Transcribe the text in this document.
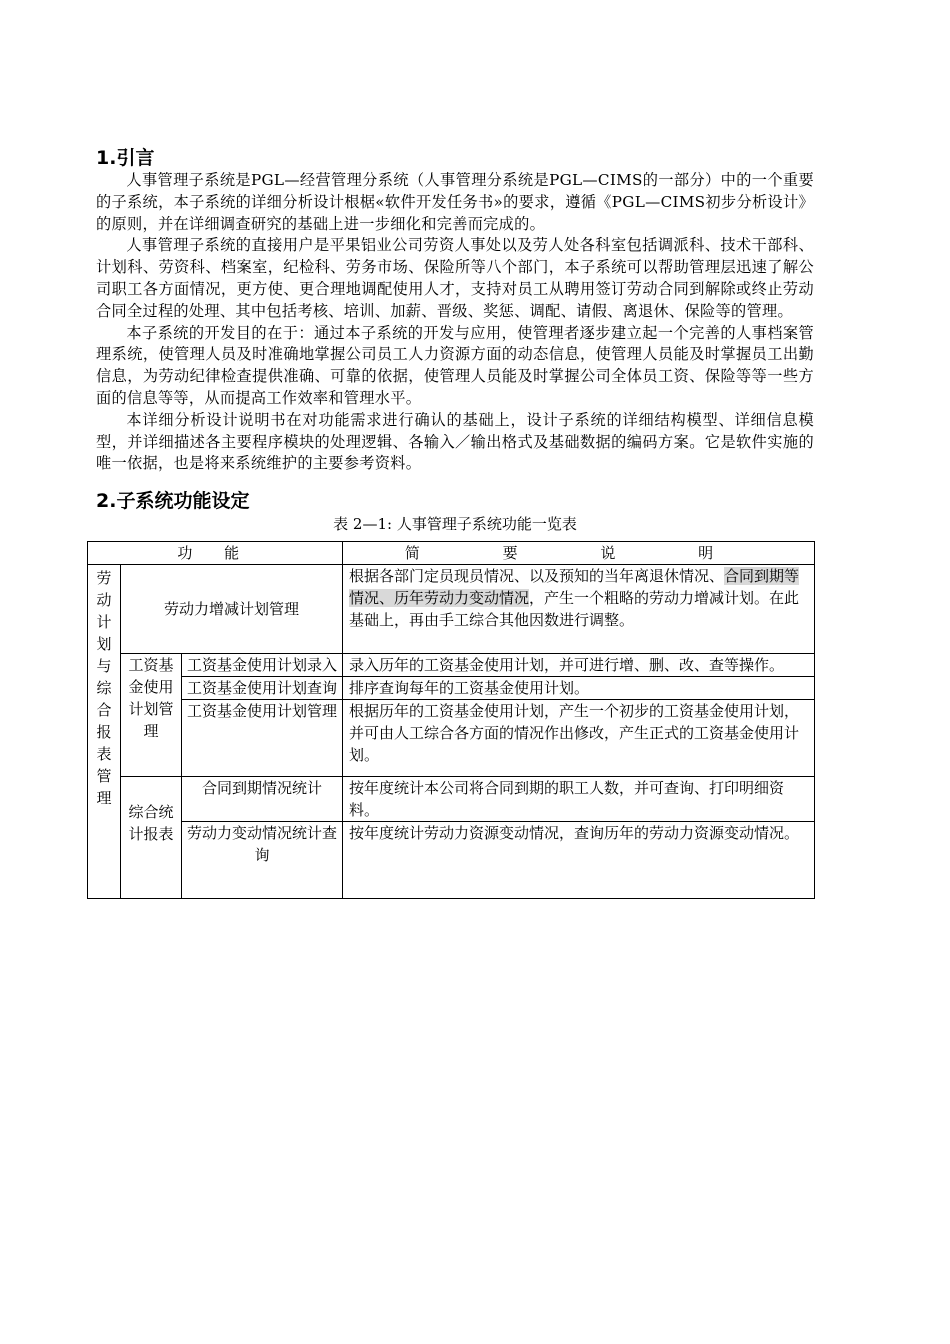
1.引言

人事管理子系统是PGL—经营管理分系统（人事管理分系统是PGL—CIMS的一部分）中的一个重要的子系统，本子系统的详细分析设计根椐«软件开发任务书»的要求，遵循《PGL—CIMS初步分析设计》的原则，并在详细调查研究的基础上进一步细化和完善而完成的。

人事管理子系统的直接用户是平果铝业公司劳资人事处以及劳人处各科室包括调派科、技术干部科、计划科、劳资科、档案室，纪检科、劳务市场、保险所等八个部门，本子系统可以帮助管理层迅速了解公司职工各方面情况，更方使、更合理地调配使用人才，支持对员工从聘用签订劳动合同到解除或终止劳动合同全过程的处理、其中包括考核、培训、加薪、晋级、奖惩、调配、请假、离退休、保险等的管理。

本子系统的开发目的在于：通过本子系统的开发与应用，使管理者逐步建立起一个完善的人事档案管理系统，使管理人员及时准确地掌握公司员工人力资源方面的动态信息，使管理人员能及时掌握员工出勤信息，为劳动纪律检查提供准确、可靠的依据，使管理人员能及时掌握公司全体员工资、保险等等一些方面的信息等等，从而提高工作效率和管理水平。

本详细分析设计说明书在对功能需求进行确认的基础上，设计子系统的详细结构模型、详细信息模型，并详细描述各主要程序模块的处理逻辑、各输入／输出格式及基础数据的编码方案。它是软件实施的唯一依据，也是将来系统维护的主要参考资料。

2.子系统功能设定

表 2—1: 人事管理子系统功能一览表

功 能			简 要 说 明

劳动计划与综合报表管理	劳动力增减计划管理		根据各部门定员现员情况、以及预知的当年离退休情况、合同到期等情况、历年劳动力变动情况，产生一个粗略的劳动力增减计划。在此基础上，再由手工综合其他因数进行调整。
	工资基金使用计划管理	工资基金使用计划录入	录入历年的工资基金使用计划，并可进行增、删、改、查等操作。
		工资基金使用计划查询	排序查询每年的工资基金使用计划。
		工资基金使用计划管理	根据历年的工资基金使用计划，产生一个初步的工资基金使用计划，并可由人工综合各方面的情况作出修改，产生正式的工资基金使用计划。
	综合统计报表	合同到期情况统计	按年度统计本公司将合同到期的职工人数，并可查询、打印明细资料。
		劳动力变动情况统计查询	按年度统计劳动力资源变动情况，查询历年的劳动力资源变动情况。
